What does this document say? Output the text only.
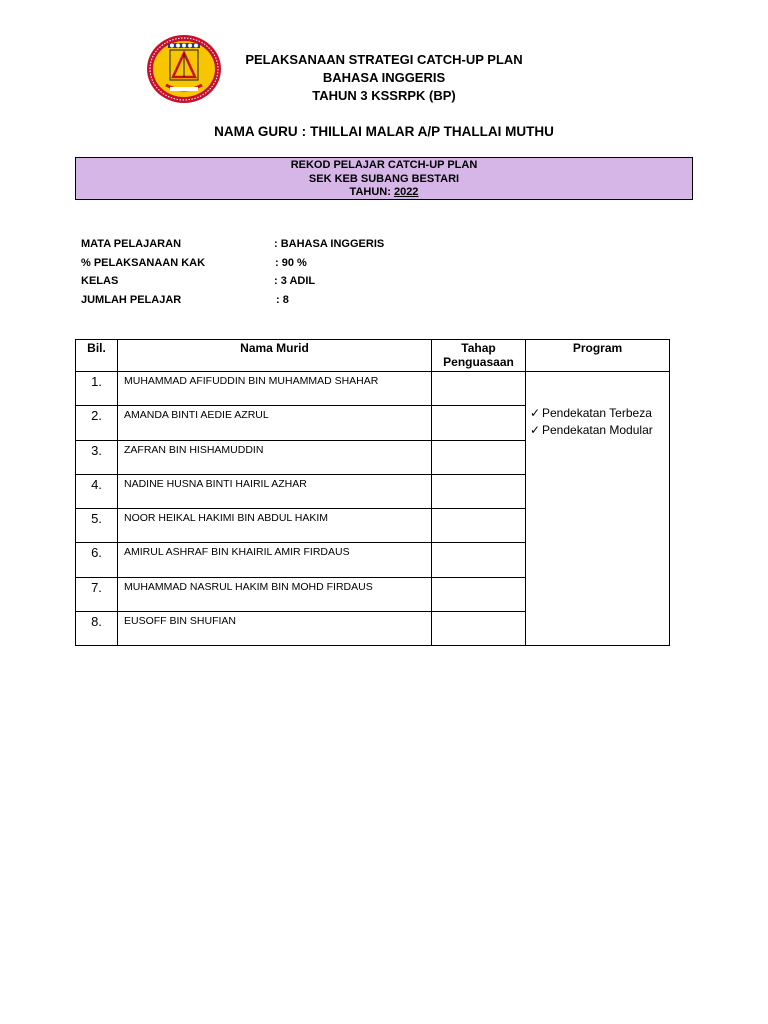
PELAKSANAAN STRATEGI CATCH-UP PLAN
BAHASA INGGERIS
TAHUN 3 KSSRPK (BP)
NAMA GURU : THILLAI MALAR A/P THALLAI MUTHU
REKOD PELAJAR CATCH-UP PLAN
SEK KEB SUBANG BESTARI
TAHUN: 2022
MATA PELAJARAN	: BAHASA INGGERIS
% PELAKSANAAN KAK	: 90 %
KELAS	: 3 ADIL
JUMLAH PELAJAR	: 8
Bil.	Nama Murid	Tahap Penguasaan	Program
1.	MUHAMMAD AFIFUDDIN BIN MUHAMMAD SHAHAR		✓ Pendekatan Terbeza
✓ Pendekatan Modular

2.	AMANDA BINTI AEDIE AZRUL		
3.	ZAFRAN BIN HISHAMUDDIN		
4.	NADINE HUSNA BINTI HAIRIL AZHAR		
5.	NOOR HEIKAL HAKIMI BIN ABDUL HAKIM		
6.	AMIRUL ASHRAF BIN KHAIRIL AMIR FIRDAUS		
7.	MUHAMMAD NASRUL HAKIM BIN MOHD FIRDAUS		
8.	EUSOFF BIN SHUFIAN		
